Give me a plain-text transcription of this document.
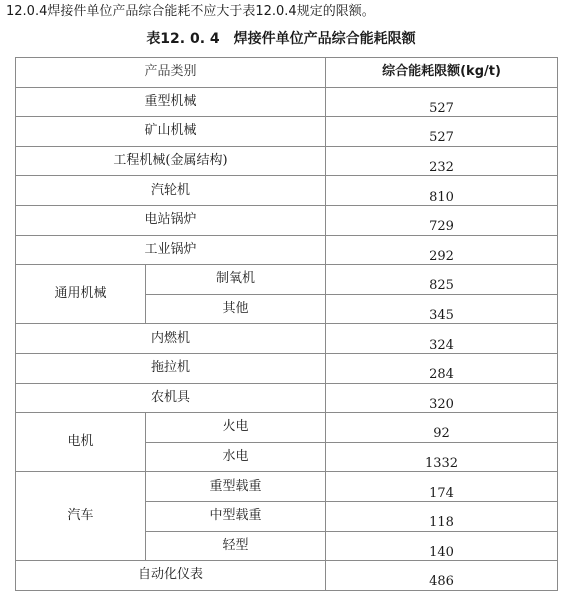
12.0.4焊接件单位产品综合能耗不应大于表12.0.4规定的限额。
表12. 0. 4　焊接件单位产品综合能耗限额
产品类别		综合能耗限额(kg/t)
重型机械		527
矿山机械		527
工程机械(金属结构)		232
汽轮机		810
电站锅炉		729
工业锅炉		292
通用机械	制氧机	825
	其他	345
内燃机		324
拖拉机		284
农机具		320
电机	火电	92
	水电	1332
汽车	重型载重	174
	中型载重	118
	轻型	140
自动化仪表		486
